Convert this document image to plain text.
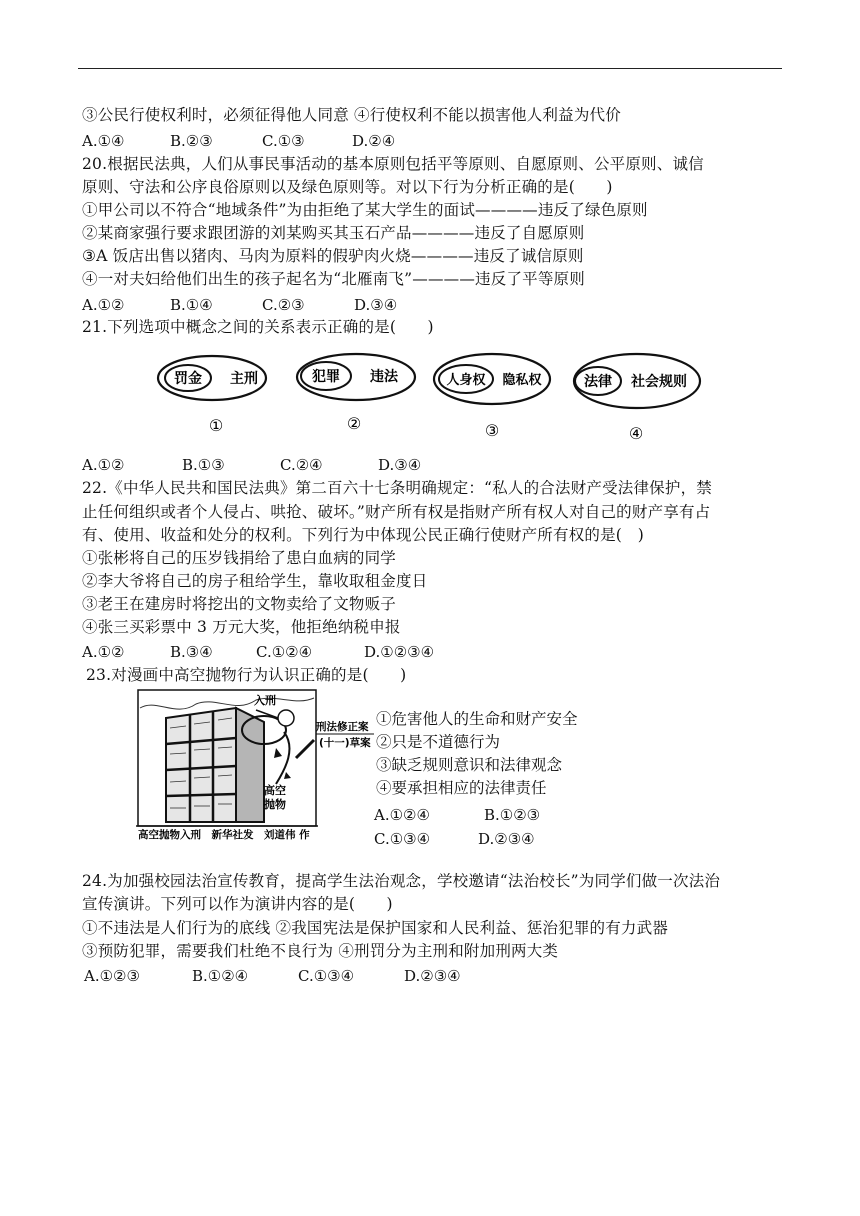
③公民行使权利时，必须征得他人同意 ④行使权利不能以损害他人利益为代价
A.①④	B.②③	C.①③	D.②④
20.根据民法典，人们从事民事活动的基本原则包括平等原则、自愿原则、公平原则、诚信
原则、守法和公序良俗原则以及绿色原则等。对以下行为分析正确的是(　　)
①甲公司以不符合“地域条件”为由拒绝了某大学生的面试————违反了绿色原则
②某商家强行要求跟团游的刘某购买其玉石产品————违反了自愿原则
③A 饭店出售以猪肉、马肉为原料的假驴肉火烧————违反了诚信原则
④一对夫妇给他们出生的孩子起名为“北雁南飞”————违反了平等原则
A.①②	B.①④	C.②③	D.③④
21.下列选项中概念之间的关系表示正确的是(　　)
罚金 主刑
①
犯罪 违法
②
人身权 隐私权
③
法律 社会规则
④
A.①②	B.①③	C.②④	D.③④
22.《中华人民共和国民法典》第二百六十七条明确规定：“私人的合法财产受法律保护，禁
止任何组织或者个人侵占、哄抢、破坏。”财产所有权是指财产所有权人对自己的财产享有占
有、使用、收益和处分的权利。下列行为中体现公民正确行使财产所有权的是(　)
①张彬将自己的压岁钱捐给了患白血病的同学
②李大爷将自己的房子租给学生，靠收取租金度日
③老王在建房时将挖出的文物卖给了文物贩子
④张三买彩票中 3 万元大奖，他拒绝纳税申报
A.①②	B.③④	C.①②④	D.①②③④
23.对漫画中高空抛物行为认识正确的是(　　)
入刑
刑法修正案
(十一)草案
高空
抛物
高空抛物入刑　新华社发　刘道伟 作
①危害他人的生命和财产安全
②只是不道德行为
③缺乏规则意识和法律观念
④要承担相应的法律责任
A.①②④	B.①②③
C.①③④	D.②③④
24.为加强校园法治宣传教育，提高学生法治观念，学校邀请“法治校长”为同学们做一次法治
宣传演讲。下列可以作为演讲内容的是(　　)
①不违法是人们行为的底线 ②我国宪法是保护国家和人民利益、惩治犯罪的有力武器
③预防犯罪，需要我们杜绝不良行为 ④刑罚分为主刑和附加刑两大类
A.①②③	B.①②④	C.①③④	D.②③④
